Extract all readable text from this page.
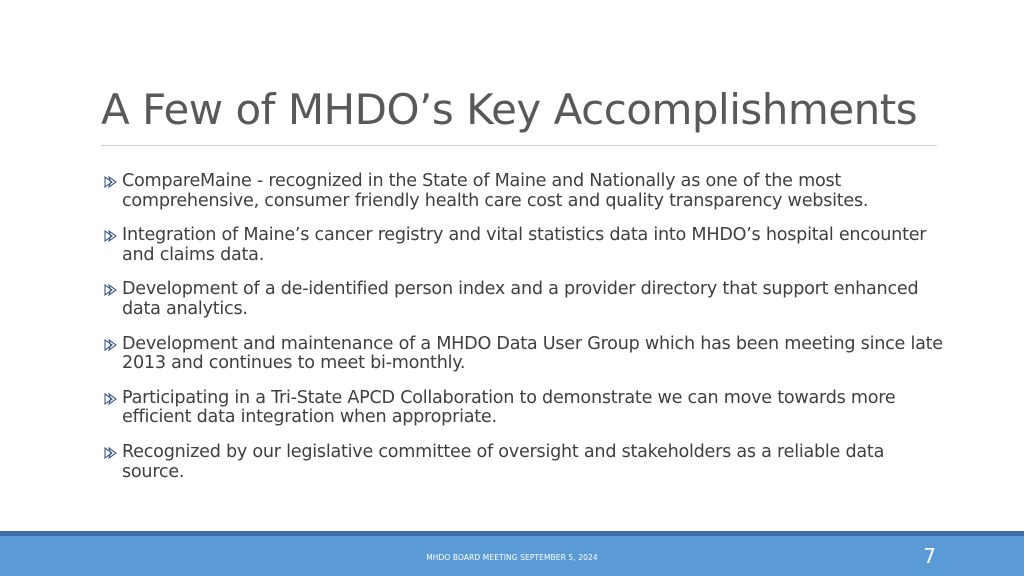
A Few of MHDO’s Key Accomplishments
CompareMaine - recognized in the State of Maine and Nationally as one of the most comprehensive, consumer friendly health care cost and quality transparency websites.
Integration of Maine’s cancer registry and vital statistics data into MHDO’s hospital encounter and claims data.
Development of a de-identified person index and a provider directory that support enhanced data analytics.
Development and maintenance of a MHDO Data User Group which has been meeting since late 2013 and continues to meet bi-monthly.
Participating in a Tri-State APCD Collaboration to demonstrate we can move towards more efficient data integration when appropriate.
Recognized by our legislative committee of oversight and stakeholders as a reliable data source.
MHDO BOARD MEETING SEPTEMBER 5, 2024	7
